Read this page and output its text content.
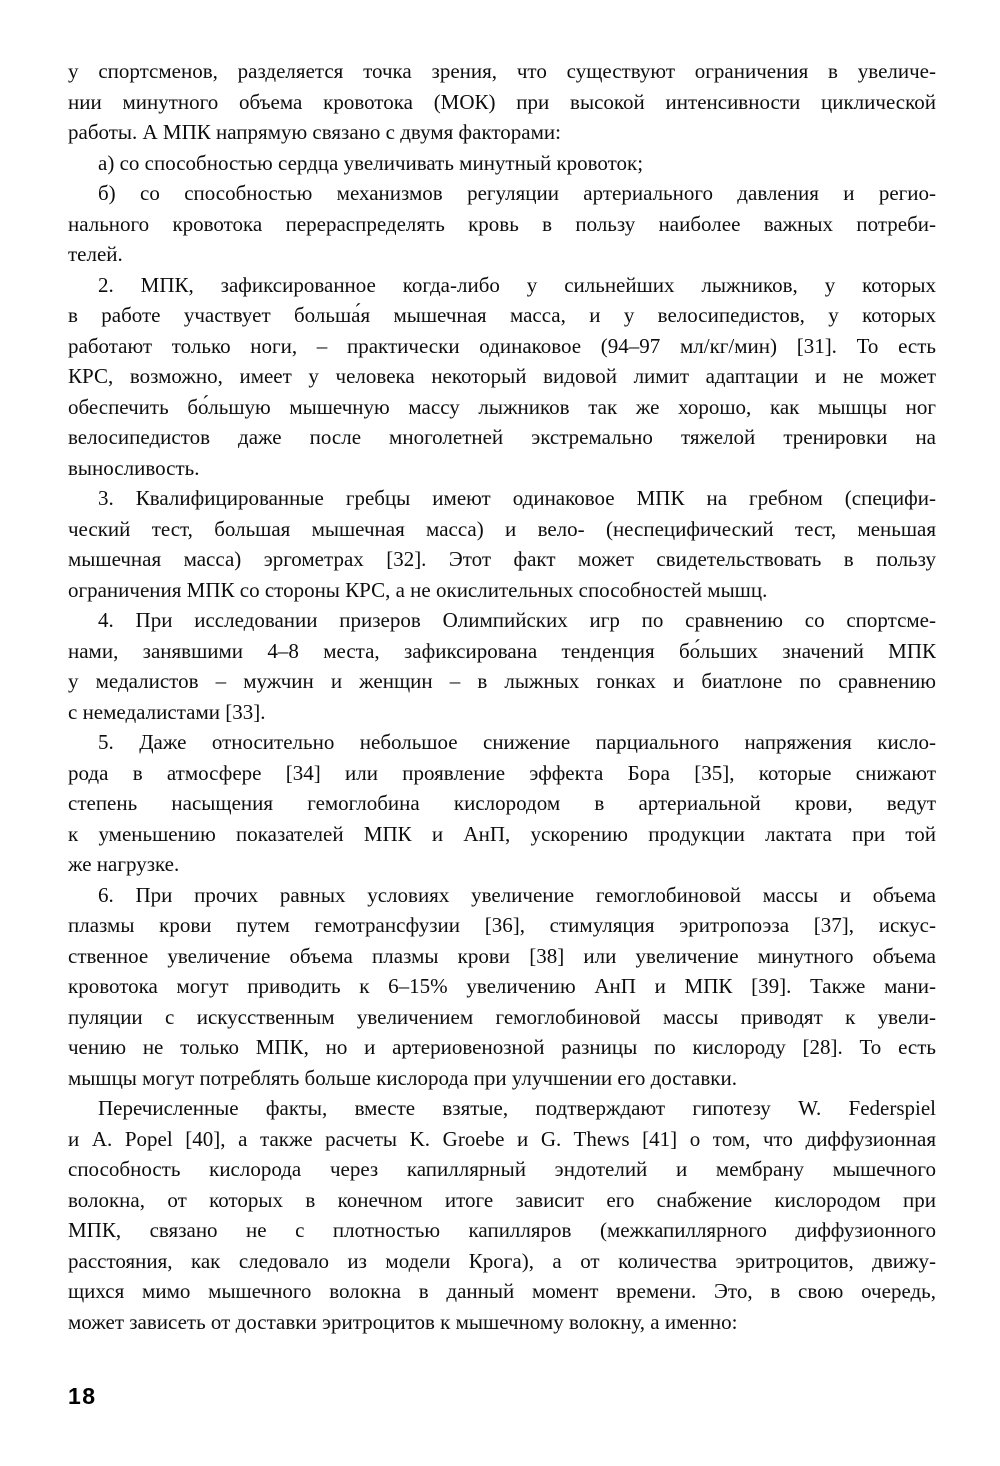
у спортсменов, разделяется точка зрения, что существуют ограничения в увеличе-
нии минутного объема кровотока (МОК) при высокой интенсивности циклической
работы. А МПК напрямую связано с двумя факторами:
а) со способностью сердца увеличивать минутный кровоток;
б) со способностью механизмов регуляции артериального давления и регио-
нального кровотока перераспределять кровь в пользу наиболее важных потреби-
телей.
2. МПК, зафиксированное когда-либо у сильнейших лыжников, у которых
в работе участвует больша́я мышечная масса, и у велосипедистов, у которых
работают только ноги, – практически одинаковое (94–97 мл/кг/мин) [31]. То есть
КРС, возможно, имеет у человека некоторый видовой лимит адаптации и не может
обеспечить бо́льшую мышечную массу лыжников так же хорошо, как мышцы ног
велосипедистов даже после многолетней экстремально тяжелой тренировки на
выносливость.
3. Квалифицированные гребцы имеют одинаковое МПК на гребном (специфи-
ческий тест, большая мышечная масса) и вело- (неспецифический тест, меньшая
мышечная масса) эргометрах [32]. Этот факт может свидетельствовать в пользу
ограничения МПК со стороны КРС, а не окислительных способностей мышц.
4. При исследовании призеров Олимпийских игр по сравнению со спортсме-
нами, занявшими 4–8 места, зафиксирована тенденция бо́льших значений МПК
у медалистов – мужчин и женщин – в лыжных гонках и биатлоне по сравнению
с немедалистами [33].
5. Даже относительно небольшое снижение парциального напряжения кисло-
рода в атмосфере [34] или проявление эффекта Бора [35], которые снижают
степень насыщения гемоглобина кислородом в артериальной крови, ведут
к уменьшению показателей МПК и АнП, ускорению продукции лактата при той
же нагрузке.
6. При прочих равных условиях увеличение гемоглобиновой массы и объема
плазмы крови путем гемотрансфузии [36], стимуляция эритропоэза [37], искус-
ственное увеличение объема плазмы крови [38] или увеличение минутного объема
кровотока могут приводить к 6–15% увеличению АнП и МПК [39]. Также мани-
пуляции с искусственным увеличением гемоглобиновой массы приводят к увели-
чению не только МПК, но и артериовенозной разницы по кислороду [28]. То есть
мышцы могут потреблять больше кислорода при улучшении его доставки.
Перечисленные факты, вместе взятые, подтверждают гипотезу W. Federspiel
и A. Popel [40], а также расчеты K. Groebe и G. Thews [41] о том, что диффузионная
способность кислорода через капиллярный эндотелий и мембрану мышечного
волокна, от которых в конечном итоге зависит его снабжение кислородом при
МПК, связано не с плотностью капилляров (межкапиллярного диффузионного
расстояния, как следовало из модели Крога), а от количества эритроцитов, движу-
щихся мимо мышечного волокна в данный момент времени. Это, в свою очередь,
может зависеть от доставки эритроцитов к мышечному волокну, а именно:
18
